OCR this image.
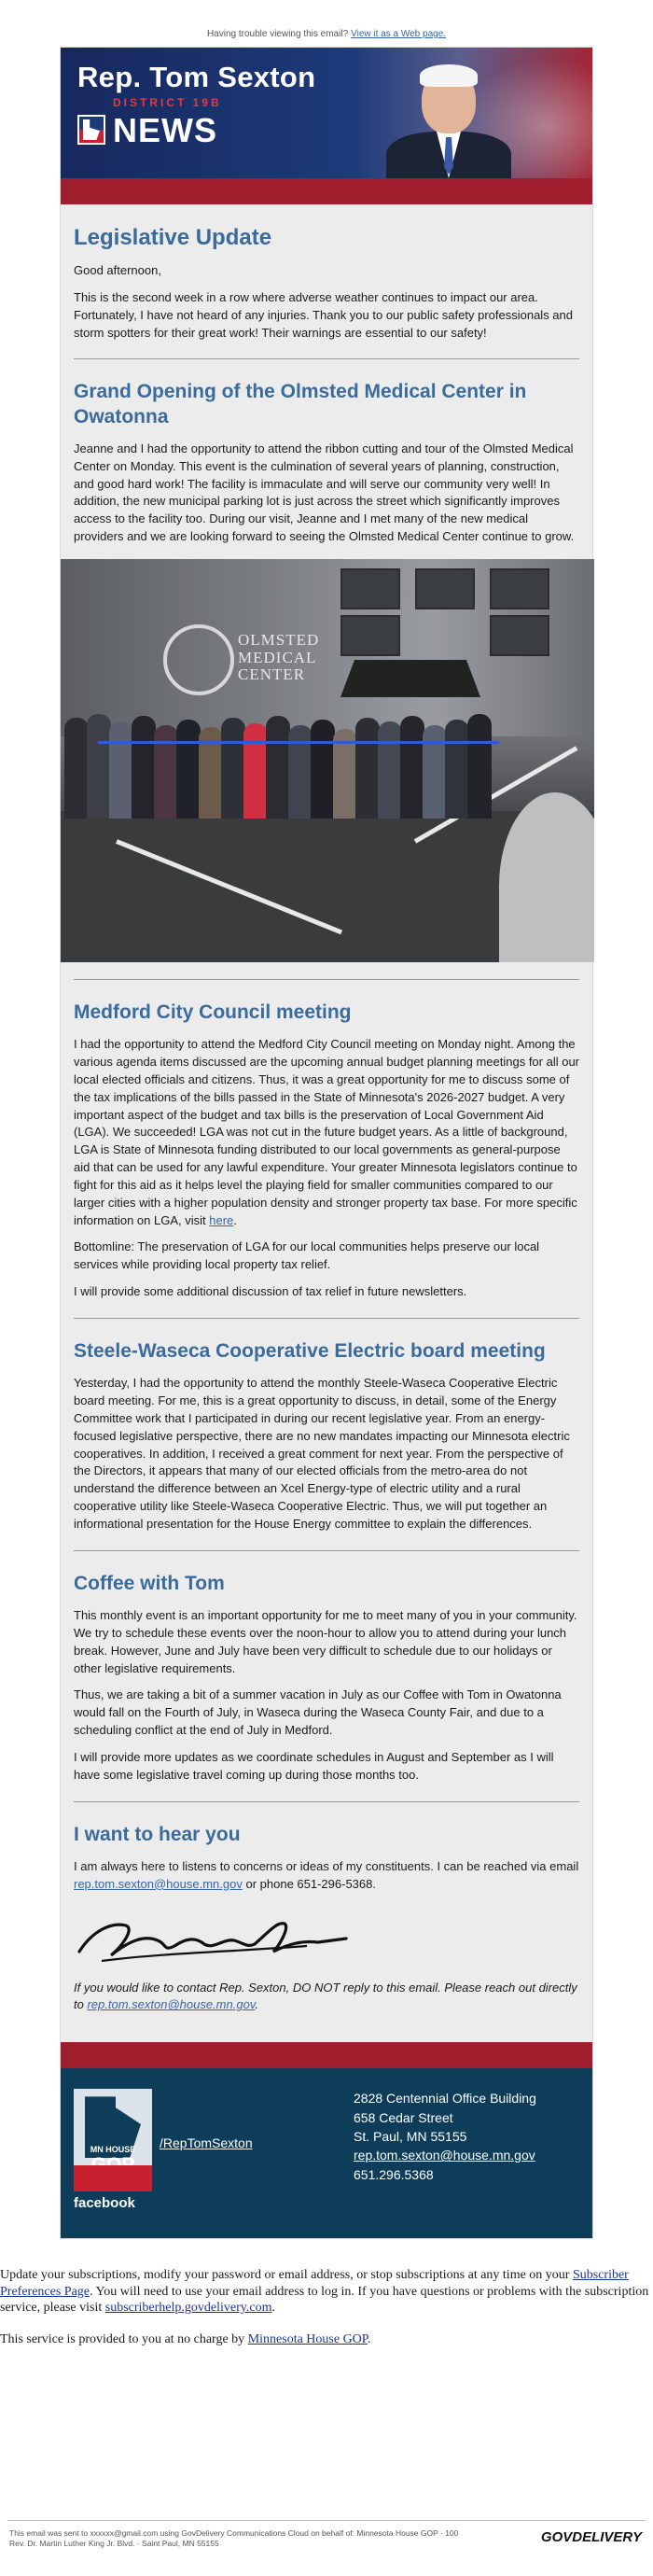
Having trouble viewing this email? View it as a Web page.
Rep. Tom Sexton
DISTRICT 19B
NEWS
Legislative Update

Good afternoon,

This is the second week in a row where adverse weather continues to impact our area. Fortunately, I have not heard of any injuries. Thank you to our public safety professionals and storm spotters for their great work! Their warnings are essential to our safety!

Grand Opening of the Olmsted Medical Center in Owatonna

Jeanne and I had the opportunity to attend the ribbon cutting and tour of the Olmsted Medical Center on Monday. This event is the culmination of several years of planning, construction, and good hard work! The facility is immaculate and will serve our community very well! In addition, the new municipal parking lot is just across the street which significantly improves access to the facility too. During our visit, Jeanne and I met many of the new medical providers and we are looking forward to seeing the Olmsted Medical Center continue to grow.

OLMSTED
MEDICAL
CENTER
Medford City Council meeting

I had the opportunity to attend the Medford City Council meeting on Monday night. Among the various agenda items discussed are the upcoming annual budget planning meetings for all our local elected officials and citizens. Thus, it was a great opportunity for me to discuss some of the tax implications of the bills passed in the State of Minnesota's 2026-2027 budget. A very important aspect of the budget and tax bills is the preservation of Local Government Aid (LGA). We succeeded! LGA was not cut in the future budget years. As a little of background, LGA is State of Minnesota funding distributed to our local governments as general-purpose aid that can be used for any lawful expenditure. Your greater Minnesota legislators continue to fight for this aid as it helps level the playing field for smaller communities compared to our larger cities with a higher population density and stronger property tax base. For more specific information on LGA, visit here.

Bottomline: The preservation of LGA for our local communities helps preserve our local services while providing local property tax relief.

I will provide some additional discussion of tax relief in future newsletters.

Steele-Waseca Cooperative Electric board meeting

Yesterday, I had the opportunity to attend the monthly Steele-Waseca Cooperative Electric board meeting. For me, this is a great opportunity to discuss, in detail, some of the Energy Committee work that I participated in during our recent legislative year. From an energy-focused legislative perspective, there are no new mandates impacting our Minnesota electric cooperatives. In addition, I received a great comment for next year. From the perspective of the Directors, it appears that many of our elected officials from the metro-area do not understand the difference between an Xcel Energy-type of electric utility and a rural cooperative utility like Steele-Waseca Cooperative Electric. Thus, we will put together an informational presentation for the House Energy committee to explain the differences.

Coffee with Tom

This monthly event is an important opportunity for me to meet many of you in your community. We try to schedule these events over the noon-hour to allow you to attend during your lunch break. However, June and July have been very difficult to schedule due to our holidays or other legislative requirements.

Thus, we are taking a bit of a summer vacation in July as our Coffee with Tom in Owatonna would fall on the Fourth of July, in Waseca during the Waseca County Fair, and due to a scheduling conflict at the end of July in Medford.

I will provide more updates as we coordinate schedules in August and September as I will have some legislative travel coming up during those months too.

I want to hear you

I am always here to listens to concerns or ideas of my constituents. I can be reached via email rep.tom.sexton@house.mn.gov or phone 651-296-5368.

If you would like to contact Rep. Sexton, DO NOT reply to this email. Please reach out directly to rep.tom.sexton@house.mn.gov.

MN HOUSE
facebook
/RepTomSexton
2828 Centennial Office Building
658 Cedar Street
St. Paul, MN 55155
rep.tom.sexton@house.mn.gov
651.296.5368

Update your subscriptions, modify your password or email address, or stop subscriptions at any time on your Subscriber Preferences Page. You will need to use your email address to log in. If you have questions or problems with the subscription service, please visit subscriberhelp.govdelivery.com.

This service is provided to you at no charge by Minnesota House GOP.

This email was sent to xxxxxx@gmail.com using GovDelivery Communications Cloud on behalf of: Minnesota House GOP · 100
Rev. Dr. Martin Luther King Jr. Blvd. · Saint Paul, MN 55155	GOVDELIVERY
